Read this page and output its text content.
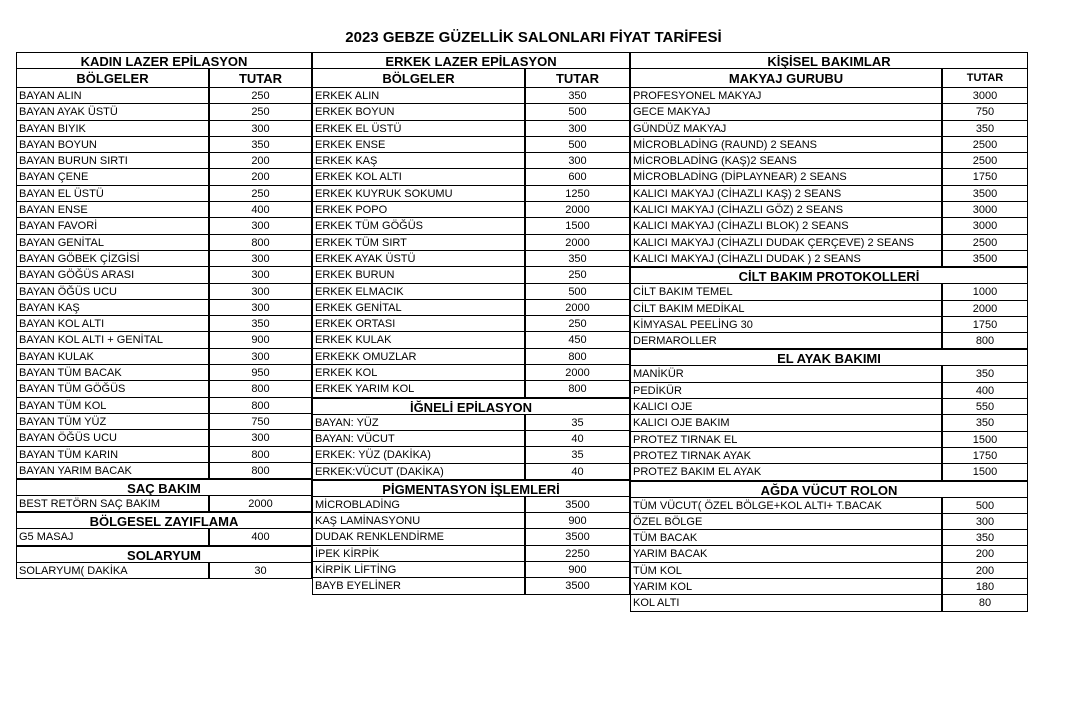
2023 GEBZE GÜZELLİK SALONLARI FİYAT TARİFESİ
KADIN LAZER EPİLASYON
BÖLGELER	TUTAR
BAYAN ALIN	250
BAYAN AYAK ÜSTÜ	250
BAYAN BIYIK	300
BAYAN BOYUN	350
BAYAN BURUN SIRTI	200
BAYAN ÇENE	200
BAYAN EL ÜSTÜ	250
BAYAN ENSE	400
BAYAN FAVORİ	300
BAYAN GENİTAL	800
BAYAN GÖBEK ÇİZGİSİ	300
BAYAN GÖĞÜS ARASI	300
BAYAN ÖĞÜS UCU	300
BAYAN KAŞ	300
BAYAN KOL ALTI	350
BAYAN KOL ALTI + GENİTAL	900
BAYAN KULAK	300
BAYAN TÜM BACAK	950
BAYAN TÜM GÖĞÜS	800
BAYAN TÜM KOL	800
BAYAN TÜM YÜZ	750
BAYAN ÖĞÜS UCU	300
BAYAN TÜM KARIN	800
BAYAN YARIM BACAK	800
SAÇ BAKIM
BEST RETÖRN SAÇ BAKIM	2000
BÖLGESEL ZAYIFLAMA
G5 MASAJ	400
SOLARYUM
SOLARYUM( DAKİKA	30
ERKEK LAZER EPİLASYON
BÖLGELER	TUTAR
ERKEK ALIN	350
ERKEK BOYUN	500
ERKEK EL ÜSTÜ	300
ERKEK ENSE	500
ERKEK KAŞ	300
ERKEK KOL ALTI	600
ERKEK KUYRUK SOKUMU	1250
ERKEK POPO	2000
ERKEK TÜM GÖĞÜS	1500
ERKEK TÜM SIRT	2000
ERKEK AYAK ÜSTÜ	350
ERKEK BURUN	250
ERKEK ELMACIK	500
ERKEK GENİTAL	2000
ERKEK ORTASI	250
ERKEK KULAK	450
ERKEKK OMUZLAR	800
ERKEK KOL	2000
ERKEK YARIM KOL	800
İĞNELİ EPİLASYON
BAYAN: YÜZ	35
BAYAN: VÜCUT	40
ERKEK: YÜZ (DAKİKA)	35
ERKEK:VÜCUT (DAKİKA)	40
PİGMENTASYON İŞLEMLERİ
MİCROBLADİNG	3500
KAŞ LAMİNASYONU	900
DUDAK RENKLENDİRME	3500
İPEK KİRPİK	2250
KİRPİK LİFTİNG	900
BAYB EYELİNER	3500
KİŞİSEL BAKIMLAR
MAKYAJ GURUBU	TUTAR
PROFESYONEL MAKYAJ	3000
GECE MAKYAJ	750
GÜNDÜZ MAKYAJ	350
MİCROBLADİNG (RAUND) 2 SEANS	2500
MİCROBLADİNG (KAŞ)2 SEANS	2500
MİCROBLADİNG (DİPLAYNEAR) 2 SEANS	1750
KALICI MAKYAJ (CİHAZLI KAŞ) 2 SEANS	3500
KALICI MAKYAJ (CİHAZLI GÖZ) 2 SEANS	3000
KALICI MAKYAJ (CİHAZLI BLOK) 2 SEANS	3000
KALICI MAKYAJ (CİHAZLI DUDAK ÇERÇEVE) 2 SEANS	2500
KALICI MAKYAJ (CİHAZLI DUDAK ) 2 SEANS	3500
CİLT BAKIM PROTOKOLLERİ
CİLT BAKIM TEMEL	1000
CİLT BAKIM MEDİKAL	2000
KİMYASAL PEELİNG 30	1750
DERMAROLLER	800
EL AYAK BAKIMI
MANİKÜR	350
PEDİKÜR	400
KALICI OJE	550
KALICI OJE BAKIM	350
PROTEZ TIRNAK EL	1500
PROTEZ TIRNAK AYAK	1750
PROTEZ BAKIM EL AYAK	1500
AĞDA VÜCUT ROLON
TÜM VÜCUT( ÖZEL BÖLGE+KOL ALTI+ T.BACAK	500
ÖZEL BÖLGE	300
TÜM BACAK	350
YARIM BACAK	200
TÜM KOL	200
YARIM KOL	180
KOL ALTI	80
